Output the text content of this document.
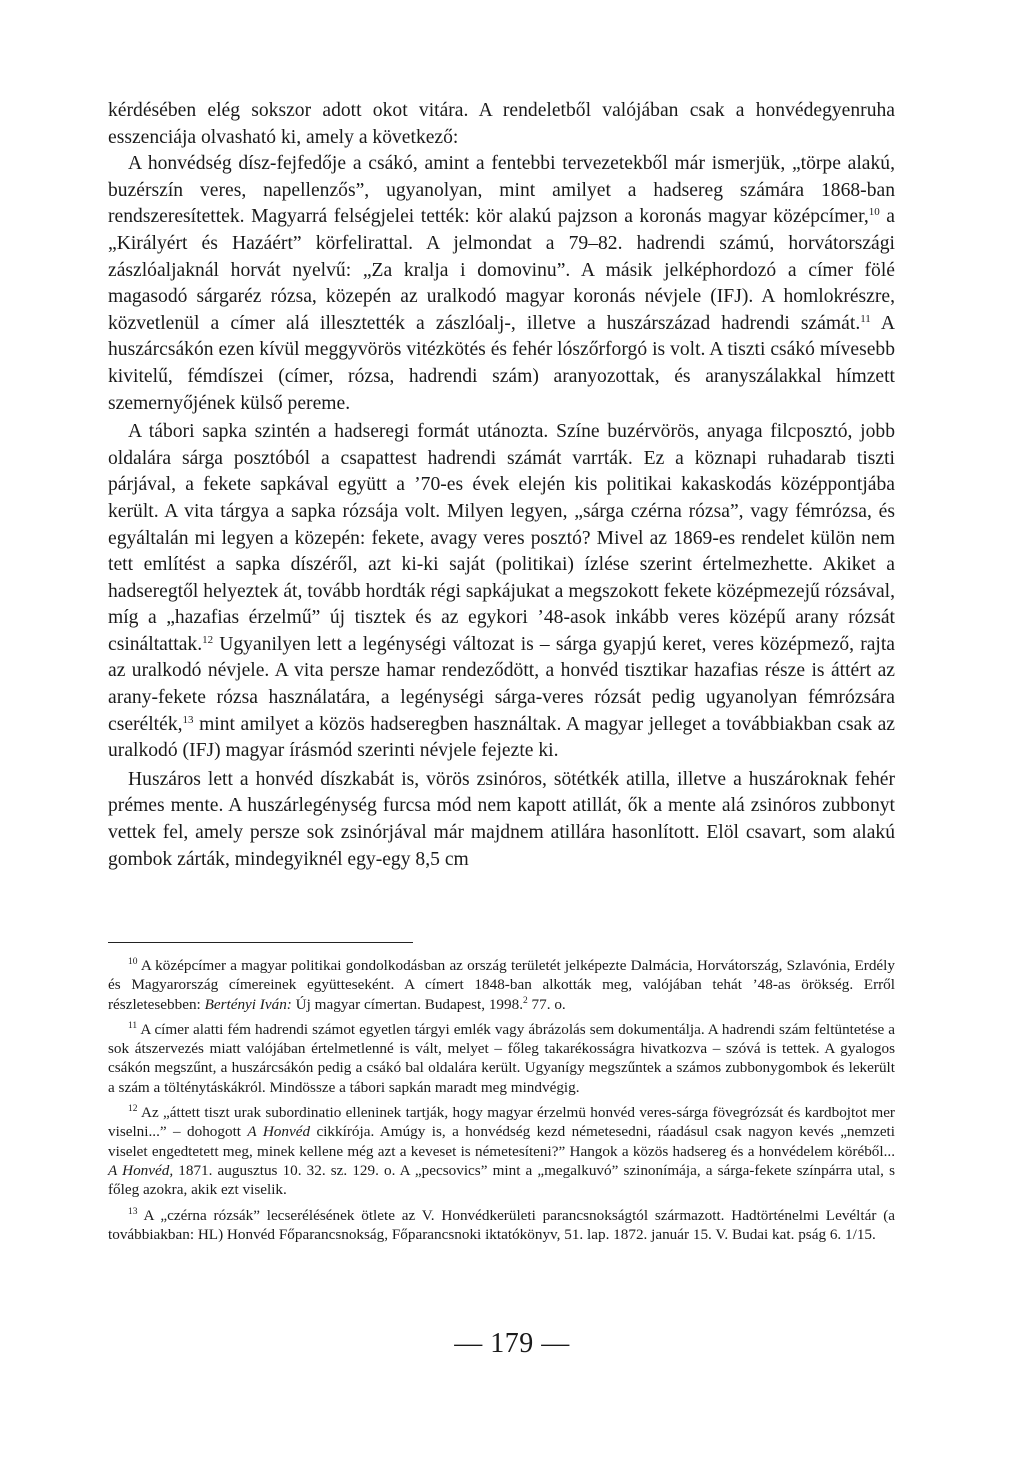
kérdésében elég sokszor adott okot vitára. A rendeletből valójában csak a honvédegyenruha esszenciája olvasható ki, amely a következő:

A honvédség dísz-fejfedője a csákó, amint a fentebbi tervezetekből már ismerjük, „törpe alakú, buzérszín veres, napellenzős”, ugyanolyan, mint amilyet a hadsereg számára 1868-ban rendszeresítettek. Magyarrá felségjelei tették: kör alakú pajzson a koronás magyar középcímer,$^{10}$ a „Királyért és Hazáért” körfelirattal. A jelmondat a 79–82. hadrendi számú, horvátországi zászlóaljaknál horvát nyelvű: „Za kralja i domovinu”. A másik jelképhordozó a címer fölé magasodó sárgaréz rózsa, közepén az uralkodó magyar koronás névjele (IFJ). A homlokrészre, közvetlenül a címer alá illesztették a zászlóalj-, illetve a huszárszázad hadrendi számát.$^{11}$ A huszárcsákón ezen kívül meggyvörös vitézkötés és fehér lószőrforgó is volt. A tiszti csákó mívesebb kivitelű, fémdíszei (címer, rózsa, hadrendi szám) aranyozottak, és aranyszálakkal hímzett szemernyőjének külső pereme.

A tábori sapka szintén a hadseregi formát utánozta. Színe buzérvörös, anyaga filcposztó, jobb oldalára sárga posztóból a csapattest hadrendi számát varrták. Ez a köznapi ruhadarab tiszti párjával, a fekete sapkával együtt a ’70-es évek elején kis politikai kakaskodás középpontjába került. A vita tárgya a sapka rózsája volt. Milyen legyen, „sárga czérna rózsa”, vagy fémrózsa, és egyáltalán mi legyen a közepén: fekete, avagy veres posztó? Mivel az 1869-es rendelet külön nem tett említést a sapka díszéről, azt ki-ki saját (politikai) ízlése szerint értelmezhette. Akiket a hadseregtől helyeztek át, tovább hordták régi sapkájukat a megszokott fekete középmezejű rózsával, míg a „hazafias érzelmű” új tisztek és az egykori ’48-asok inkább veres középű arany rózsát csináltattak.$^{12}$ Ugyanilyen lett a legénységi változat is – sárga gyapjú keret, veres középmező, rajta az uralkodó névjele. A vita persze hamar rendeződött, a honvéd tisztikar hazafias része is áttért az arany-fekete rózsa használatára, a legénységi sárga-veres rózsát pedig ugyanolyan fémrózsára cserélték,$^{13}$ mint amilyet a közös hadseregben használtak. A magyar jelleget a továbbiakban csak az uralkodó (IFJ) magyar írásmód szerinti névjele fejezte ki.

Huszáros lett a honvéd díszkabát is, vörös zsinóros, sötétkék atilla, illetve a huszároknak fehér prémes mente. A huszárlegénység furcsa mód nem kapott atillát, ők a mente alá zsinóros zubbonyt vettek fel, amely persze sok zsinórjával már majdnem atillára hasonlított. Elöl csavart, som alakú gombok zárták, mindegyiknél egy-egy 8,5 cm

$^{10}$ A középcímer a magyar politikai gondolkodásban az ország területét jelképezte Dalmácia, Horvátország, Szlavónia, Erdély és Magyarország címereinek együtteseként. A címert 1848-ban alkották meg, valójában tehát ’48-as örökség. Erről részletesebben: Bertényi Iván: Új magyar címertan. Budapest, 1998.$^2$ 77. o.

$^{11}$ A címer alatti fém hadrendi számot egyetlen tárgyi emlék vagy ábrázolás sem dokumentálja. A hadrendi szám feltüntetése a sok átszervezés miatt valójában értelmetlenné is vált, melyet – főleg takarékosságra hivatkozva – szóvá is tettek. A gyalogos csákón megszűnt, a huszárcsákón pedig a csákó bal oldalára került. Ugyanígy megszűntek a számos zubbonygombok és lekerült a szám a tölténytáskákról. Mindössze a tábori sapkán maradt meg mindvégig.

$^{12}$ Az „áttett tiszt urak subordinatio elleninek tartják, hogy magyar érzelmü honvéd veres-sárga fövegrózsát és kardbojtot mer viselni...” – dohogott A Honvéd cikkírója. Amúgy is, a honvédség kezd németesedni, ráadásul csak nagyon kevés „nemzeti viselet engedtetett meg, minek kellene még azt a keveset is németesíteni?” Hangok a közös hadsereg és a honvédelem köréből... A Honvéd, 1871. augusztus 10. 32. sz. 129. o. A „pecsovics” mint a „megalkuvó” szinonímája, a sárga-fekete színpárra utal, s főleg azokra, akik ezt viselik.

$^{13}$ A „czérna rózsák” lecserélésének ötlete az V. Honvédkerületi parancsnokságtól származott. Hadtörténelmi Levéltár (a továbbiakban: HL) Honvéd Főparancsnokság, Főparancsnoki iktatókönyv, 51. lap. 1872. január 15. V. Budai kat. pság 6. 1/15.

— 179 —
